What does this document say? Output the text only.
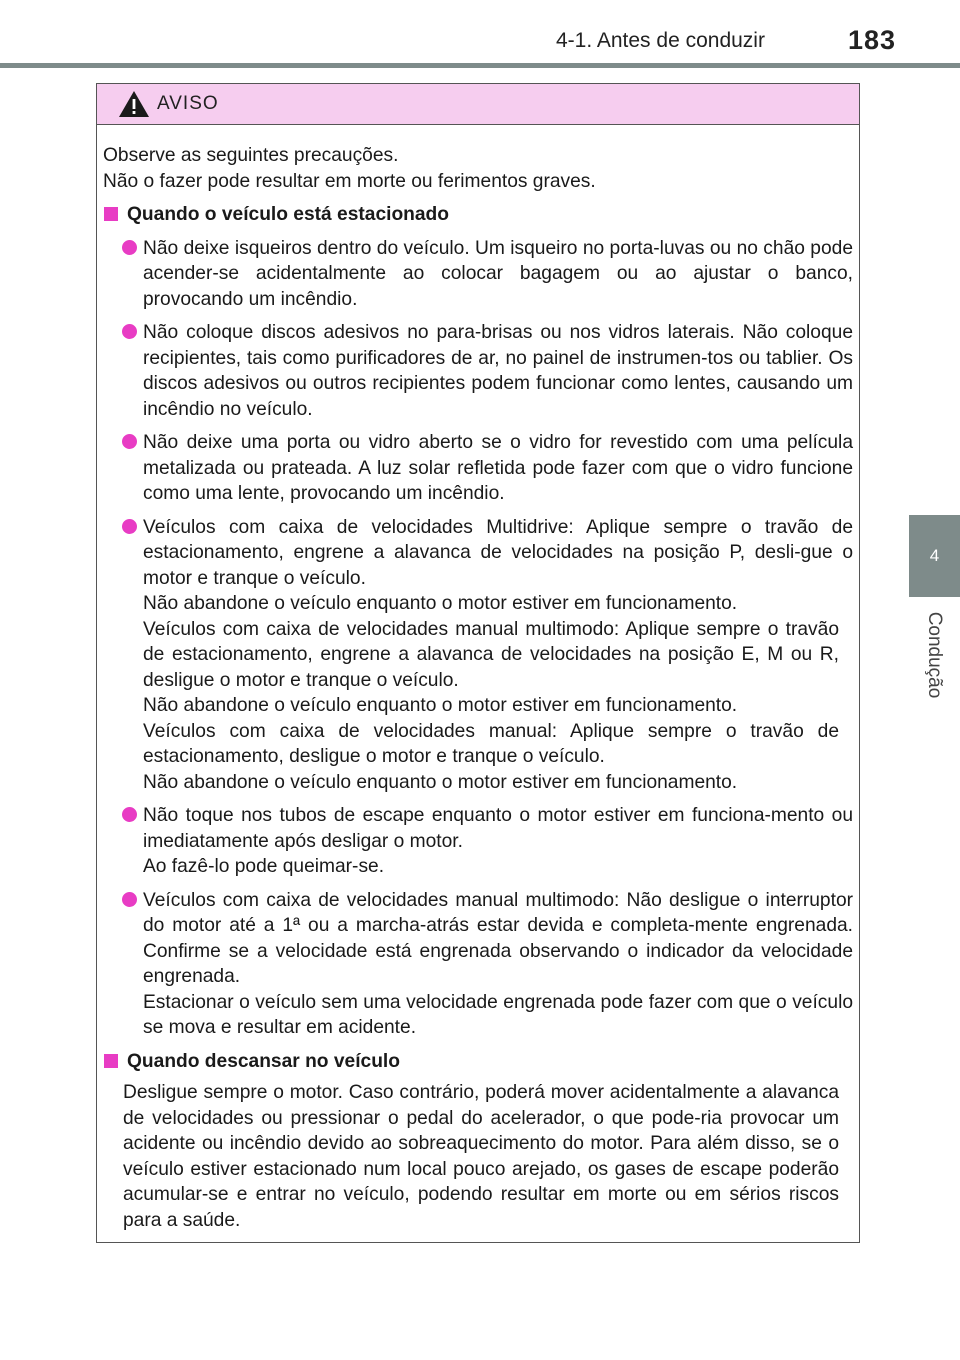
4-1. Antes de conduzir	183
4
Condução
AVISO

Observe as seguintes precauções.

Não o fazer pode resultar em morte ou ferimentos graves.

Quando o veículo está estacionado

Não deixe isqueiros dentro do veículo. Um isqueiro no porta-luvas ou no chão pode acender-se acidentalmente ao colocar bagagem ou ao ajustar o banco, provocando um incêndio.

Não coloque discos adesivos no para-brisas ou nos vidros laterais. Não coloque recipientes, tais como purificadores de ar, no painel de instrumen-tos ou tablier. Os discos adesivos ou outros recipientes podem funcionar como lentes, causando um incêndio no veículo.

Não deixe uma porta ou vidro aberto se o vidro for revestido com uma película metalizada ou prateada. A luz solar refletida pode fazer com que o vidro funcione como uma lente, provocando um incêndio.

Veículos com caixa de velocidades Multidrive: Aplique sempre o travão de estacionamento, engrene a alavanca de velocidades na posição P, desli-gue o motor e tranque o veículo.

Não abandone o veículo enquanto o motor estiver em funcionamento.

Veículos com caixa de velocidades manual multimodo: Aplique sempre o travão de estacionamento, engrene a alavanca de velocidades na posição E, M ou R, desligue o motor e tranque o veículo.

Não abandone o veículo enquanto o motor estiver em funcionamento.

Veículos com caixa de velocidades manual: Aplique sempre o travão de estacionamento, desligue o motor e tranque o veículo.

Não abandone o veículo enquanto o motor estiver em funcionamento.

Não toque nos tubos de escape enquanto o motor estiver em funciona-mento ou imediatamente após desligar o motor.

Ao fazê-lo pode queimar-se.

Veículos com caixa de velocidades manual multimodo: Não desligue o interruptor do motor até a 1ª ou a marcha-atrás estar devida e completa-mente engrenada. Confirme se a velocidade está engrenada observando o indicador da velocidade engrenada.

Estacionar o veículo sem uma velocidade engrenada pode fazer com que o veículo se mova e resultar em acidente.

Quando descansar no veículo

Desligue sempre o motor. Caso contrário, poderá mover acidentalmente a alavanca de velocidades ou pressionar o pedal do acelerador, o que pode-ria provocar um acidente ou incêndio devido ao sobreaquecimento do motor. Para além disso, se o veículo estiver estacionado num local pouco arejado, os gases de escape poderão acumular-se e entrar no veículo, podendo resultar em morte ou em sérios riscos para a saúde.
